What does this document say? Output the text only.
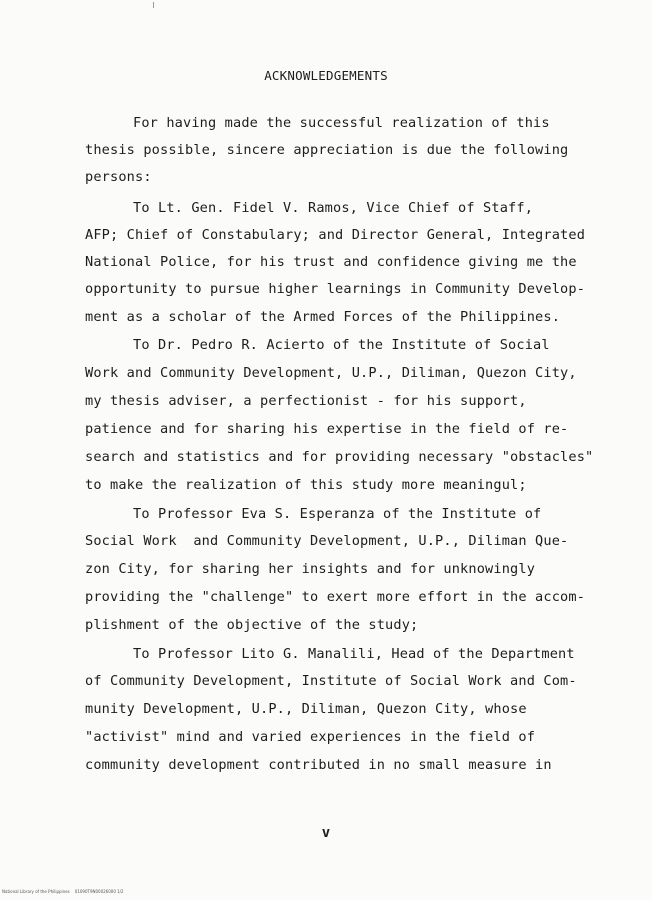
ACKNOWLEDGEMENTS
For having made the successful realization of this
thesis possible, sincere appreciation is due the following
persons:
To Lt. Gen. Fidel V. Ramos, Vice Chief of Staff,
AFP; Chief of Constabulary; and Director General, Integrated
National Police, for his trust and confidence giving me the
opportunity to pursue higher learnings in Community Develop-
ment as a scholar of the Armed Forces of the Philippines.
To Dr. Pedro R. Acierto of the Institute of Social
Work and Community Development, U.P., Diliman, Quezon City,
my thesis adviser, a perfectionist - for his support,
patience and for sharing his expertise in the field of re-
search and statistics and for providing necessary "obstacles"
to make the realization of this study more meaningul;
To Professor Eva S. Esperanza of the Institute of
Social Work  and Community Development, U.P., Diliman Que-
zon City, for sharing her insights and for unknowingly
providing the "challenge" to exert more effort in the accom-
plishment of the objective of the study;
To Professor Lito G. Manalili, Head of the Department
of Community Development, Institute of Social Work and Com-
munity Development, U.P., Diliman, Quezon City, whose
"activist" mind and varied experiences in the field of
community development contributed in no small measure in
v
National Library of the Philippines    01090T9N00026000 1/2
